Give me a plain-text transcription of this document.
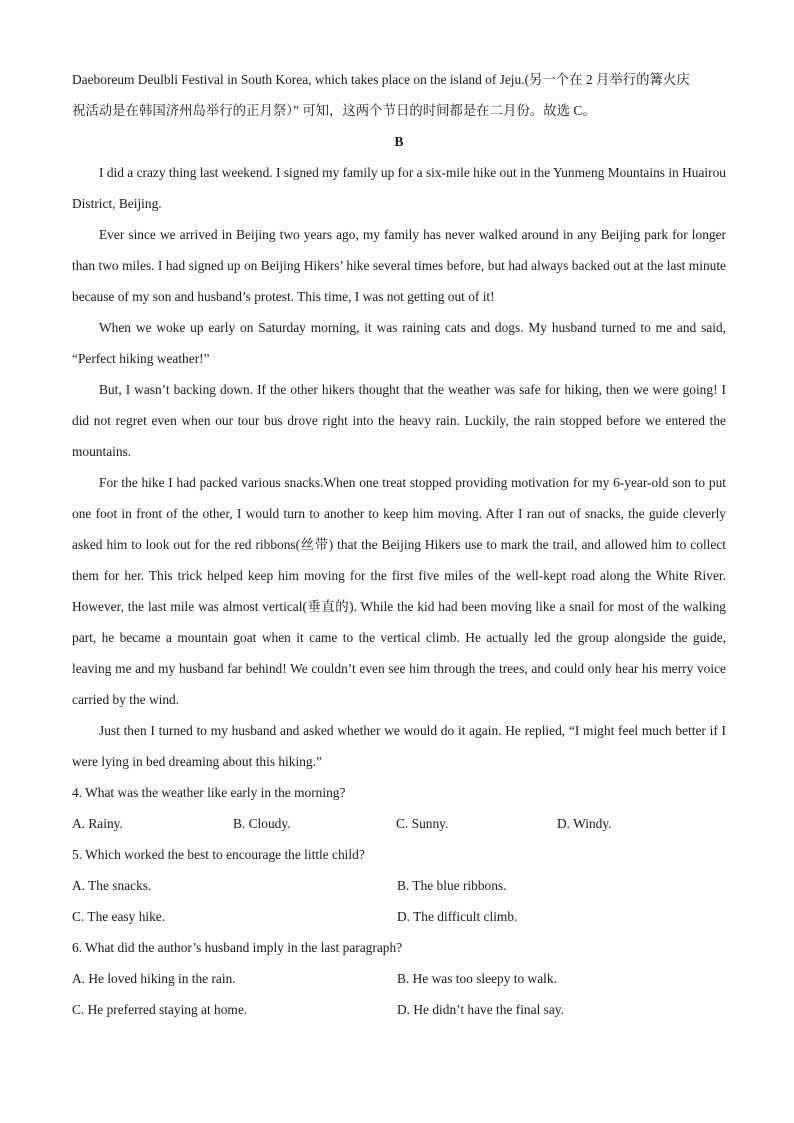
Daeboreum Deulbli Festival in South Korea, which takes place on the island of Jeju.(另一个在 2 月举行的篝火庆
祝活动是在韩国济州岛举行的正月祭）” 可知，这两个节日的时间都是在二月份。故选 C。

B

I did a crazy thing last weekend. I signed my family up for a six-mile hike out in the Yunmeng Mountains in Huairou District, Beijing.

Ever since we arrived in Beijing two years ago, my family has never walked around in any Beijing park for longer than two miles. I had signed up on Beijing Hikers’ hike several times before, but had always backed out at the last minute because of my son and husband’s protest. This time, I was not getting out of it!

When we woke up early on Saturday morning, it was raining cats and dogs. My husband turned to me and said, “Perfect hiking weather!”

But, I wasn’t backing down. If the other hikers thought that the weather was safe for hiking, then we were going! I did not regret even when our tour bus drove right into the heavy rain. Luckily, the rain stopped before we entered the mountains.

For the hike I had packed various snacks.When one treat stopped providing motivation for my 6-year-old son to put one foot in front of the other, I would turn to another to keep him moving. After I ran out of snacks, the guide cleverly asked him to look out for the red ribbons(丝带) that the Beijing Hikers use to mark the trail, and allowed him to collect them for her. This trick helped keep him moving for the first five miles of the well-kept road along the White River. However, the last mile was almost vertical(垂直的). While the kid had been moving like a snail for most of the walking part, he became a mountain goat when it came to the vertical climb. He actually led the group alongside the guide, leaving me and my husband far behind! We couldn’t even see him through the trees, and could only hear his merry voice carried by the wind.

Just then I turned to my husband and asked whether we would do it again. He replied, “I might feel much better if I were lying in bed dreaming about this hiking.”

4. What was the weather like early in the morning?

A. Rainy.	B. Cloudy.	C. Sunny.	D. Windy.

5. Which worked the best to encourage the little child?

A. The snacks.	B. The blue ribbons.
C. The easy hike.	D. The difficult climb.

6. What did the author’s husband imply in the last paragraph?

A. He loved hiking in the rain.	B. He was too sleepy to walk.
C. He preferred staying at home.	D. He didn’t have the final say.
